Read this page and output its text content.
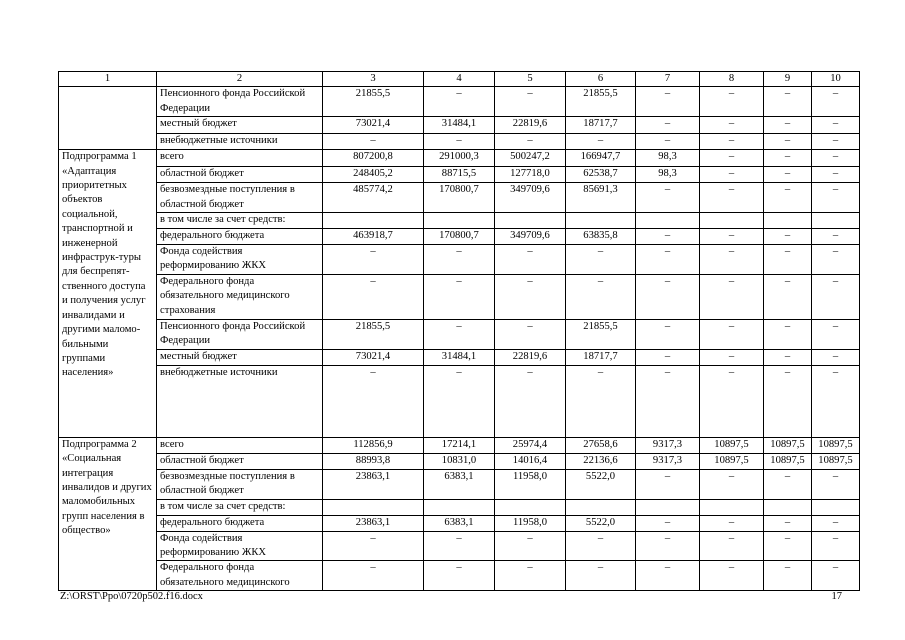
1	2	3	4	5	6	7	8	9	10
	Пенсионного фонда Российской Федерации	21855,5	–	–	21855,5	–	–	–	–
	местный бюджет	73021,4	31484,1	22819,6	18717,7	–	–	–	–
	внебюджетные источники	–	–	–	–	–	–	–	–
Подпрограмма 1 «Адаптация приоритетных объектов социальной, транспортной и инженерной инфраструк-туры для беспрепят-ственного доступа и получения услуг инвалидами и другими маломо-бильными группами населения»	всего	807200,8	291000,3	500247,2	166947,7	98,3	–	–	–
	областной бюджет	248405,2	88715,5	127718,0	62538,7	98,3	–	–	–
	безвозмездные поступления в областной бюджет	485774,2	170800,7	349709,6	85691,3	–	–	–	–
	в том числе за счет средств:								
	федерального бюджета	463918,7	170800,7	349709,6	63835,8	–	–	–	–
	Фонда содействия реформированию ЖКХ	–	–	–	–	–	–	–	–
	Федерального фонда обязательного медицинского страхования	–	–	–	–	–	–	–	–
	Пенсионного фонда Российской Федерации	21855,5	–	–	21855,5	–	–	–	–
	местный бюджет	73021,4	31484,1	22819,6	18717,7	–	–	–	–
	внебюджетные источники	–	–	–	–	–	–	–	–
Подпрограмма 2 «Социальная интеграция инвалидов и других маломобильных групп населения в общество»	всего	112856,9	17214,1	25974,4	27658,6	9317,3	10897,5	10897,5	10897,5
	областной бюджет	88993,8	10831,0	14016,4	22136,6	9317,3	10897,5	10897,5	10897,5
	безвозмездные поступления в областной бюджет	23863,1	6383,1	11958,0	5522,0	–	–	–	–
	в том числе за счет средств:								
	федерального бюджета	23863,1	6383,1	11958,0	5522,0	–	–	–	–
	Фонда содействия реформированию ЖКХ	–	–	–	–	–	–	–	–
	Федерального фонда обязательного медицинского	–	–	–	–	–	–	–	–
Z:\ORST\Ppo\0720p502.f16.docx	17
